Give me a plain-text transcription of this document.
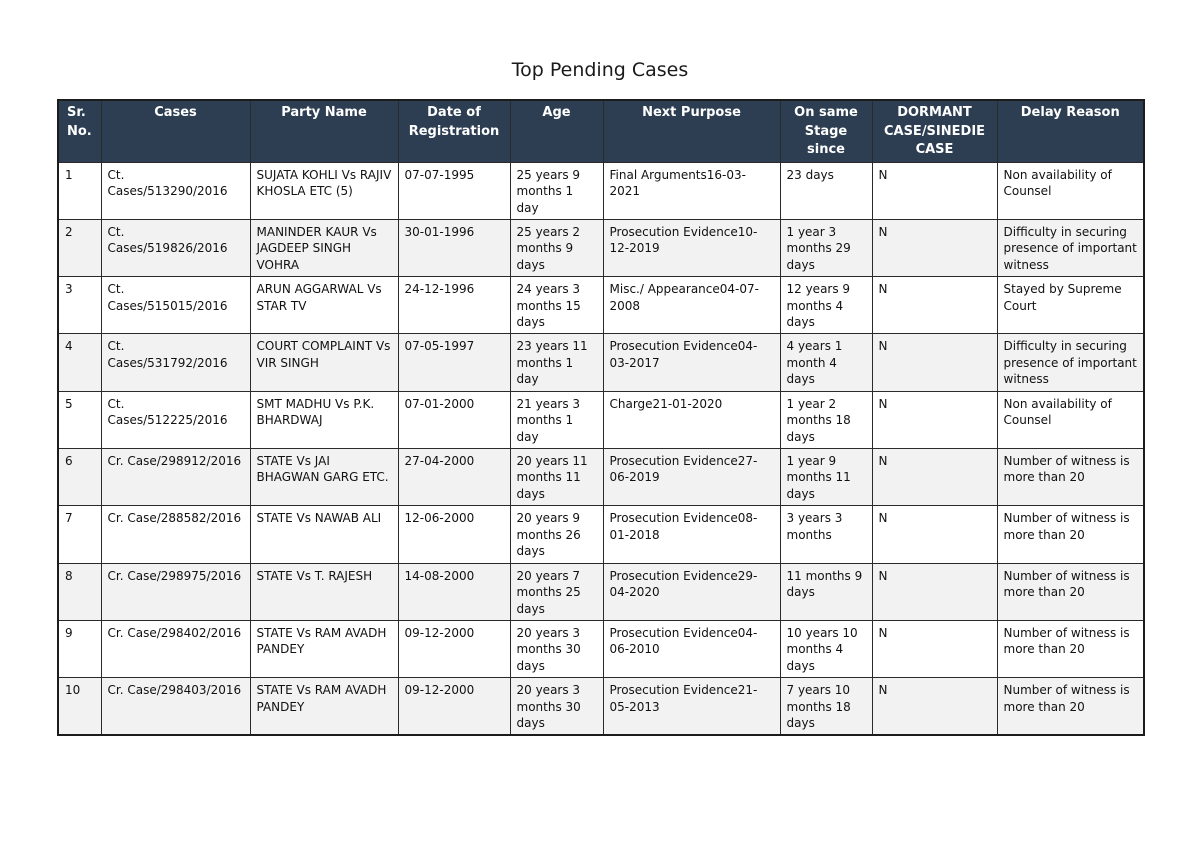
Top Pending Cases
Sr. No.	Cases	Party Name	Date of Registration	Age	Next Purpose	On same Stage since	DORMANT CASE/SINEDIE CASE	Delay Reason
1	Ct. Cases/513290/2016	SUJATA KOHLI Vs RAJIV KHOSLA ETC (5)	07-07-1995	25 years 9 months 1 day	Final Arguments16-03-2021	23 days	N	Non availability of Counsel
2	Ct. Cases/519826/2016	MANINDER KAUR Vs JAGDEEP SINGH VOHRA	30-01-1996	25 years 2 months 9 days	Prosecution Evidence10-12-2019	1 year 3 months 29 days	N	Difficulty in securing presence of important witness
3	Ct. Cases/515015/2016	ARUN AGGARWAL Vs STAR TV	24-12-1996	24 years 3 months 15 days	Misc./ Appearance04-07-2008	12 years 9 months 4 days	N	Stayed by Supreme Court
4	Ct. Cases/531792/2016	COURT COMPLAINT Vs VIR SINGH	07-05-1997	23 years 11 months 1 day	Prosecution Evidence04-03-2017	4 years 1 month 4 days	N	Difficulty in securing presence of important witness
5	Ct. Cases/512225/2016	SMT MADHU Vs P.K. BHARDWAJ	07-01-2000	21 years 3 months 1 day	Charge21-01-2020	1 year 2 months 18 days	N	Non availability of Counsel
6	Cr. Case/298912/2016	STATE Vs JAI BHAGWAN GARG ETC.	27-04-2000	20 years 11 months 11 days	Prosecution Evidence27-06-2019	1 year 9 months 11 days	N	Number of witness is more than 20
7	Cr. Case/288582/2016	STATE Vs NAWAB ALI	12-06-2000	20 years 9 months 26 days	Prosecution Evidence08-01-2018	3 years 3 months	N	Number of witness is more than 20
8	Cr. Case/298975/2016	STATE Vs T. RAJESH	14-08-2000	20 years 7 months 25 days	Prosecution Evidence29-04-2020	11 months 9 days	N	Number of witness is more than 20
9	Cr. Case/298402/2016	STATE Vs RAM AVADH PANDEY	09-12-2000	20 years 3 months 30 days	Prosecution Evidence04-06-2010	10 years 10 months 4 days	N	Number of witness is more than 20
10	Cr. Case/298403/2016	STATE Vs RAM AVADH PANDEY	09-12-2000	20 years 3 months 30 days	Prosecution Evidence21-05-2013	7 years 10 months 18 days	N	Number of witness is more than 20
